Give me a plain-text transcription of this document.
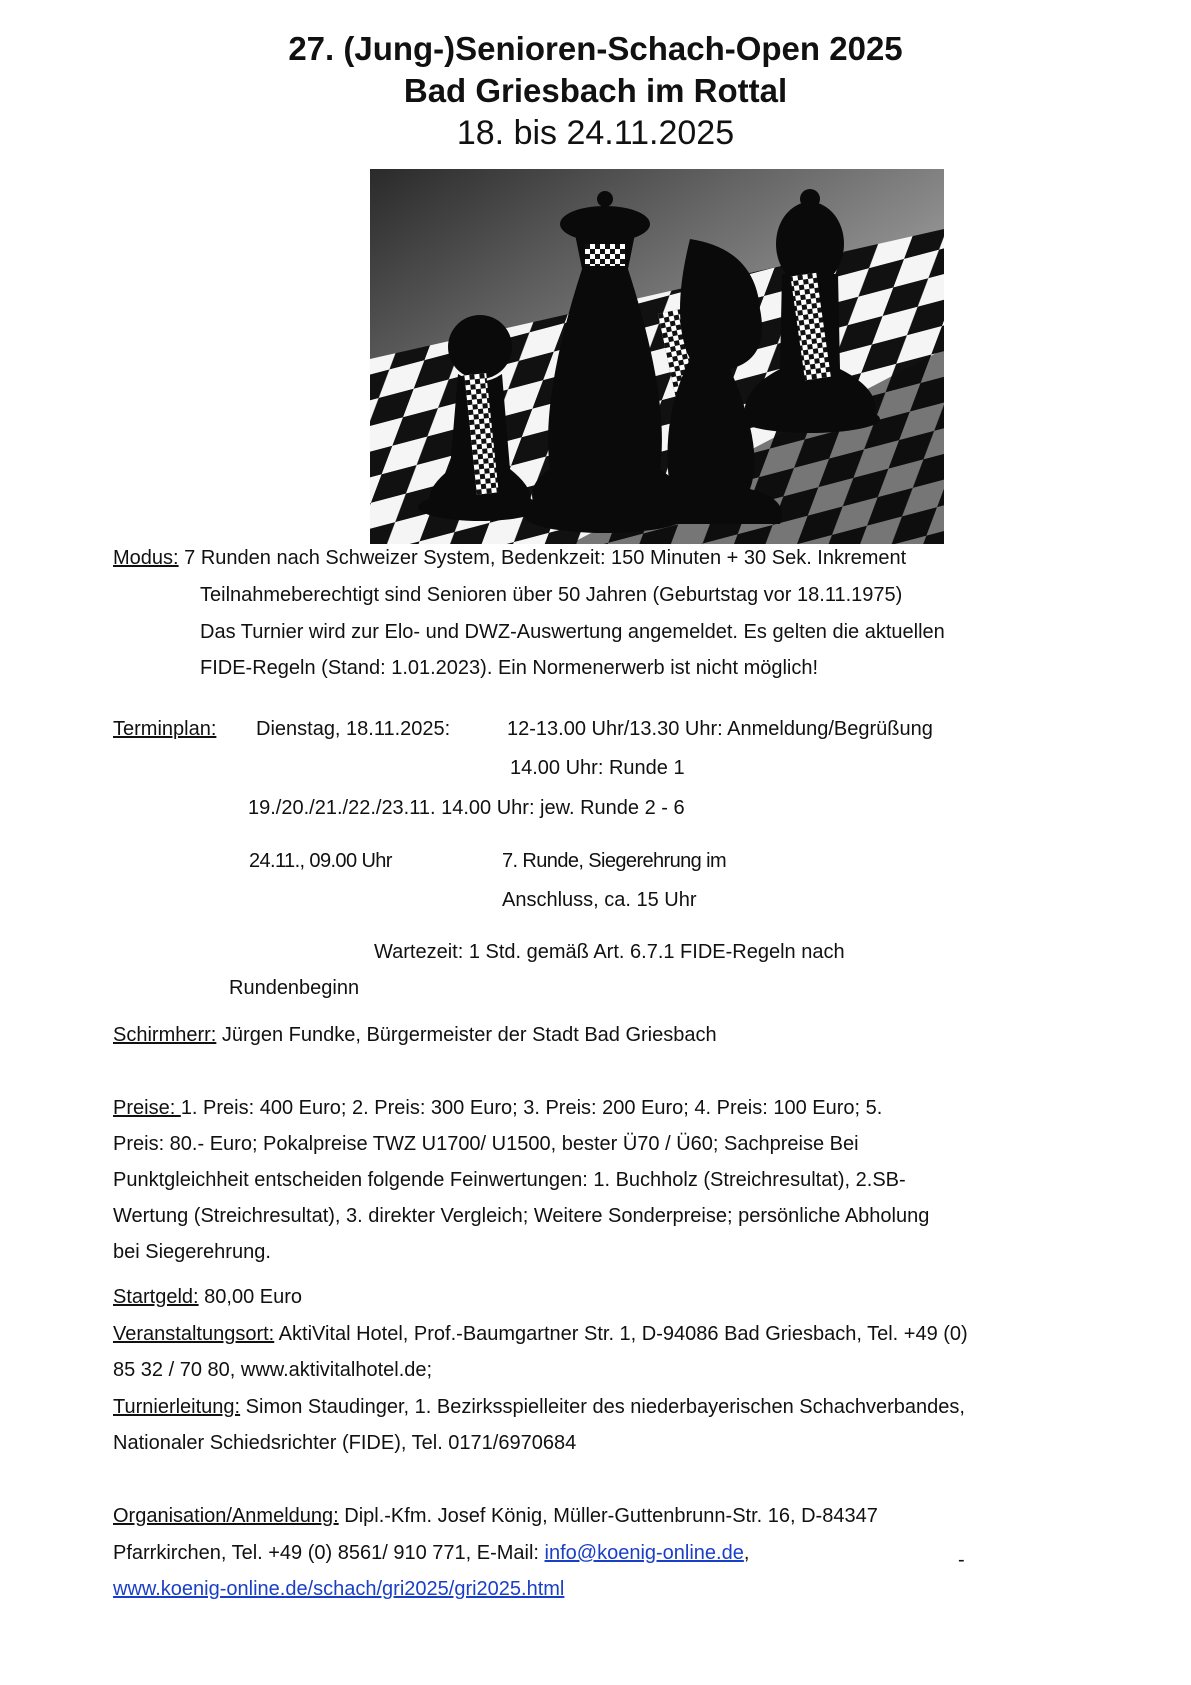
27. (Jung-)Senioren-Schach-Open 2025
Bad Griesbach im Rottal
18. bis 24.11.2025
Modus: 7 Runden nach Schweizer System, Bedenkzeit: 150 Minuten + 30 Sek. Inkrement
Teilnahmeberechtigt sind Senioren über 50 Jahren (Geburtstag vor 18.11.1975)
Das Turnier wird zur Elo- und DWZ-Auswertung angemeldet. Es gelten die aktuellen
FIDE-Regeln (Stand: 1.01.2023). Ein Normenerwerb ist nicht möglich!
Terminplan: Dienstag, 18.11.2025:	12-13.00 Uhr/13.30 Uhr: Anmeldung/Begrüßung
14.00 Uhr: Runde 1
19./20./21./22./23.11. 14.00 Uhr: jew. Runde 2 - 6
24.11., 09.00 Uhr	7. Runde, Siegerehrung im
Anschluss, ca. 15 Uhr
Wartezeit: 1 Std. gemäß Art. 6.7.1 FIDE-Regeln nach
Rundenbeginn
Schirmherr: Jürgen Fundke, Bürgermeister der Stadt Bad Griesbach
Preise: 1. Preis: 400 Euro; 2. Preis: 300 Euro; 3. Preis: 200 Euro; 4. Preis: 100 Euro; 5.
Preis: 80.- Euro; Pokalpreise TWZ U1700/ U1500, bester Ü70 / Ü60; Sachpreise Bei
Punktgleichheit entscheiden folgende Feinwertungen: 1. Buchholz (Streichresultat), 2.SB-
Wertung (Streichresultat), 3. direkter Vergleich; Weitere Sonderpreise; persönliche Abholung
bei Siegerehrung.
Startgeld: 80,00 Euro
Veranstaltungsort: AktiVital Hotel, Prof.-Baumgartner Str. 1, D-94086 Bad Griesbach, Tel. +49 (0)
85 32 / 70 80, www.aktivitalhotel.de;
Turnierleitung: Simon Staudinger, 1. Bezirksspielleiter des niederbayerischen Schachverbandes,
Nationaler Schiedsrichter (FIDE), Tel. 0171/6970684
Organisation/Anmeldung: Dipl.-Kfm. Josef König, Müller-Guttenbrunn-Str. 16, D-84347
Pfarrkirchen, Tel. +49 (0) 8561/ 910 771, E-Mail: info@koenig-online.de,	-
www.koenig-online.de/schach/gri2025/gri2025.html
